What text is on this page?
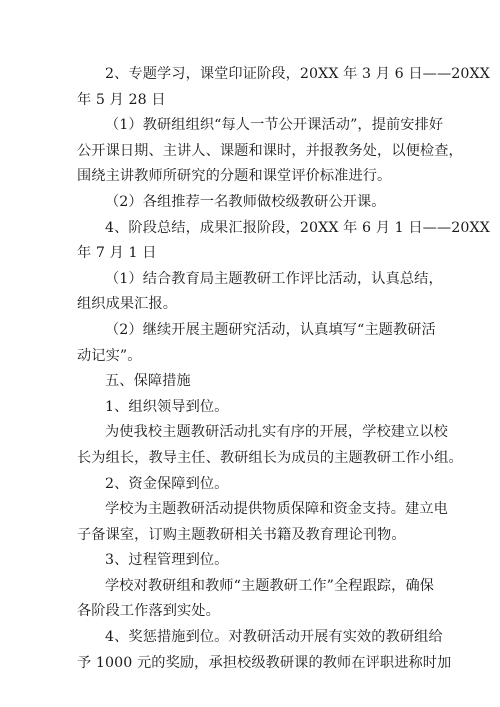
2、专题学习，课堂印证阶段，20XX 年 3 月 6 日——20XX
年 5 月 28 日
（1）教研组组织“每人一节公开课活动”，提前安排好
公开课日期、主讲人、课题和课时，并报教务处，以便检查，
围绕主讲教师所研究的分题和课堂评价标准进行。
（2）各组推荐一名教师做校级教研公开课。
4、阶段总结，成果汇报阶段，20XX 年 6 月 1 日——20XX
年 7 月 1 日
（1）结合教育局主题教研工作评比活动，认真总结，
组织成果汇报。
（2）继续开展主题研究活动，认真填写“主题教研活
动记实”。
五、保障措施
1、组织领导到位。
为使我校主题教研活动扎实有序的开展，学校建立以校
长为组长，教导主任、教研组长为成员的主题教研工作小组。
2、资金保障到位。
学校为主题教研活动提供物质保障和资金支持。建立电
子备课室，订购主题教研相关书籍及教育理论刊物。
3、过程管理到位。
学校对教研组和教师“主题教研工作”全程跟踪，确保
各阶段工作落到实处。
4、奖惩措施到位。对教研活动开展有实效的教研组给
予 1000 元的奖励，承担校级教研课的教师在评职进称时加
